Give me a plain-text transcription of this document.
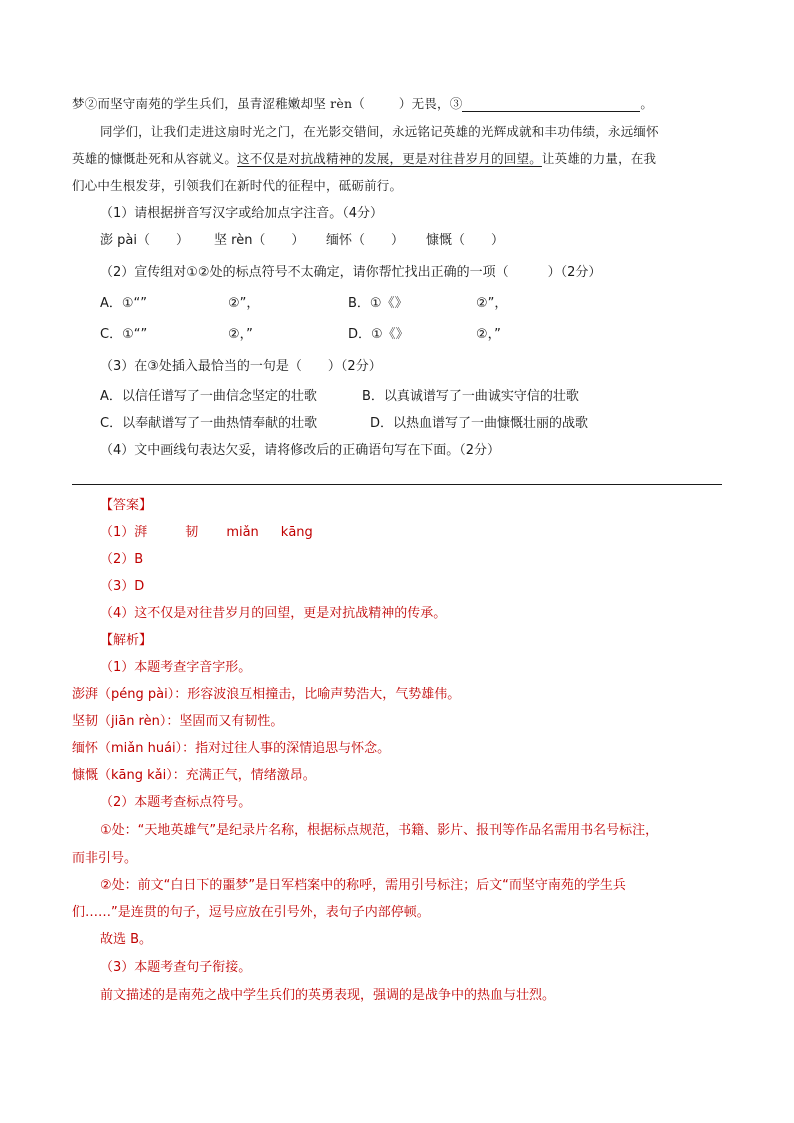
梦②而坚守南苑的学生兵们，虽青涩稚嫩却坚 rèn（	）无畏，③	。
同学们，让我们走进这扇时光之门，在光影交错间，永远铭记英雄的光辉成就和丰功伟绩，永远缅怀
英雄的慷慨赴死和从容就义。这不仅是对抗战精神的发展，更是对往昔岁月的回望。让英雄的力量，在我
们心中生根发芽，引领我们在新时代的征程中，砥砺前行。
（1）请根据拼音写汉字或给加点字注音。（4分）
澎 pài（　　） 坚 rèn（　　） 缅怀（　　） 慷慨（　　）
（2）宣传组对①②处的标点符号不太确定，请你帮忙找出正确的一项（　　　）（2分）
A．①“”	②”，	B．①《》	②”，
C．①“”	②，”	D．①《》	②，”
（3）在③处插入最恰当的一句是（　　）（2分）
A．以信任谱写了一曲信念坚定的壮歌	B．以真诚谱写了一曲诚实守信的壮歌
C．以奉献谱写了一曲热情奉献的壮歌	D．以热血谱写了一曲慷慨壮丽的战歌
（4）文中画线句表达欠妥，请将修改后的正确语句写在下面。（2分）
【答案】
（1）湃	韧 miǎn kāng
（2）B
（3）D
（4）这不仅是对往昔岁月的回望，更是对抗战精神的传承。
【解析】
（1）本题考查字音字形。
澎湃（péng pài）：形容波浪互相撞击，比喻声势浩大，气势雄伟。
坚韧（jiān rèn）：坚固而又有韧性。
缅怀（miǎn huái）：指对过往人事的深情追思与怀念。
慷慨（kāng kǎi）：充满正气，情绪激昂。
（2）本题考查标点符号。
①处：“天地英雄气”是纪录片名称，根据标点规范，书籍、影片、报刊等作品名需用书名号标注，
而非引号。
②处：前文“白日下的噩梦”是日军档案中的称呼，需用引号标注；后文“而坚守南苑的学生兵
们……”是连贯的句子，逗号应放在引号外，表句子内部停顿。
故选 B。
（3）本题考查句子衔接。
前文描述的是南苑之战中学生兵们的英勇表现，强调的是战争中的热血与壮烈。
